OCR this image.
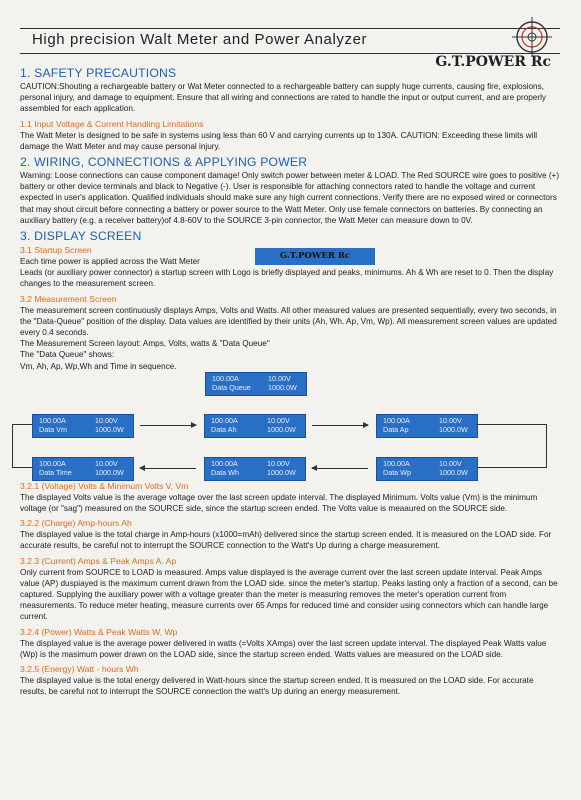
High precision Walt Meter and Power Analyzer
G.T.POWER Rc
1. SAFETY PRECAUTIONS

CAUTION:Shouting a rechargeable battery or Wat Meter connected to a rechargeable battery can supply huge currents, causing fire, explosions, personal injury, and damage to equipment. Ensure that all wiring and connections are rated to handle the input or output current, and are properly assembled for each application.

1.1 Input Voltage & Current Handling Limitations

The Watt Meter is designed to be safe in systems using less than 60 V and carrying currents up to 130A. CAUTION: Exceeding these limits will damage the Watt Meter and may cause personal injury.

2. WIRING, CONNECTIONS & APPLYING POWER

Warning: Loose connections can cause component damage! Only switch power between meter & LOAD. The Red SOURCE wire goes to positive (+) battery or other device terminals and black to Negative (-). User is responsible for attaching connectors rated to handle the voltage and current expected in user's application. Qualified individuals should make sure any high current connections. Verify there are no exposed wired or connectors that may shout circuit before connecting a battery or power source to the Watt Meter. Only use female connectors on batteries. By connecting an auxiliary battery (e.g. a receiver battery)of 4.8-60V to the SOURCE 3-pin connector, the Watt Meter can measure down to 0V.

3. DISPLAY SCREEN
3.1 Startup Screen

Each time power is applied across the Watt Meter

Leads (or auxiliary power connector) a startup screen with Logo is briefly displayed and peaks, minimums. Ah & Wh are reset to 0. Then the display changes to the measurement screen.

3.2 Measurement Screen

The measurement screen continuously displays Amps, Volts and Watts. All other measured values are presented sequentially, every two seconds, in the "Data-Queue" position of the display. Data values are identified by their units (Ah, Wh. Ap, Vm, Wp). All measurement screen values are updated every 0.4 seconds.

The Measurement Screen layout: Amps, Volts, watts & "Data Queue"

The "Data Queue" shows:

Vm, Ah, Ap, Wp,Wh and Time in sequence.

3.2.1 (Voltage) Volts & Minimum Volts V, Vm

The displayed Volts value is the average voltage over the last screen update interval. The displayed Minimum. Volts value (Vm) is the minimum voltage (or "sag") measured on the SOURCE side, since the startup screen ended. The Volts value is meaaured on the SOURCE side.

3.2.2 (Charge) Amp-hours Ah

The displayed value is the total charge in Amp-hours (x1000=mAh) delivered since the startup screen ended. It is measured on the LOAD side. For accurate results, be careful not to interrupt the SOURCE connection to the Watt's Up during a charge measurement.

3.2.3 (Current) Amps & Peak Amps A. Ap

Only current from SOURCE to LOAD is measured. Amps value displayed is the average current over the last screen update interval. Peak Amps value (AP) duspiayed is the maximum current drawn from the LOAD side. since the meter's startup. Peaks lasting only a fraction of a second, can be captured. Supplying the auxiliary power with a voltage greater than the meter is measuring removes the meter's operation current from measurements. To reduce meter heating, measure currents over 65 Amps for reduced time and consider using connectors which can handle large current.

3.2.4 (Power) Watts & Peak Watts W, Wp

The displayed value is the average power delivered in watts (=Volts XAmps) over the last screen update interval. The displayed Peak Watts value (Wp) is the masimum power drawn on the LOAD side, since the startup screen ended. Watts values are measured on the LOAD side.

3.2.5 (Energy) Watt - hours Wh

The displayed value is the total energy delivered in Watt-hours since the startup screen ended. It is measured on the LOAD side. For accurate results, be careful not to interrupt the SOURCE connection the watt's Up during an energy measurement.

G.T.POWER Rc
100.00A	10.00V
Data Queue 1000.0W
100.00A	10.00V
Data Vm	1000.0W
100.00A	10.00V
Data Ah	1000.0W
100.00A	10.00V
Data Ap	1000.0W
100.00A	10.00V
Data Time	1000.0W
100.00A	10.00V
Data Wh	1000.0W
100.00A	10.00V
Data Wp	1000.0W
